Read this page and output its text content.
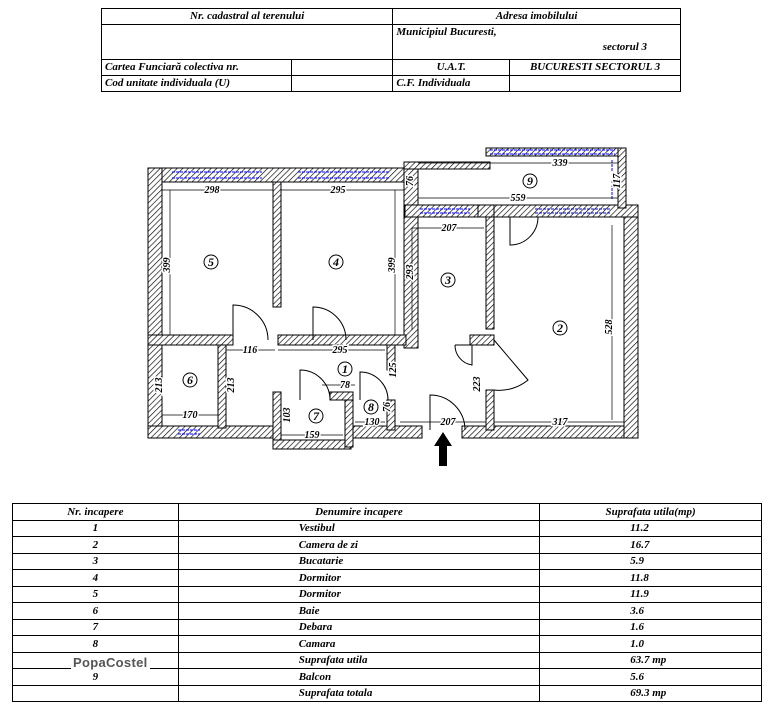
Nr. cadastral al terenului		Adresa imobilului	

		Municipiul Bucuresti,
sectorul 3	

Cartea Funciară colectiva nr.		U.A.T.	BUCURESTI SECTORUL 3
Cod unitate individuala (U)		C.F. Individuala	
1
2
3
4
5
6
7
8
9
298	295
399	399
339
117
76
559
207
293
528
116	295
125
78
213	213	223
170	103
159
130
76
207	317
Nr. incapere	Denumire incapere	Suprafata utila(mp)
1	Vestibul	11.2
2	Camera de zi	16.7
3	Bucatarie	5.9
4	Dormitor	11.8
5	Dormitor	11.9
6	Baie	3.6
7	Debara	1.6
8	Camara	1.0
	Suprafata utila	63.7 mp
9	Balcon	5.6
	Suprafata totala	69.3 mp
PopaCostel
